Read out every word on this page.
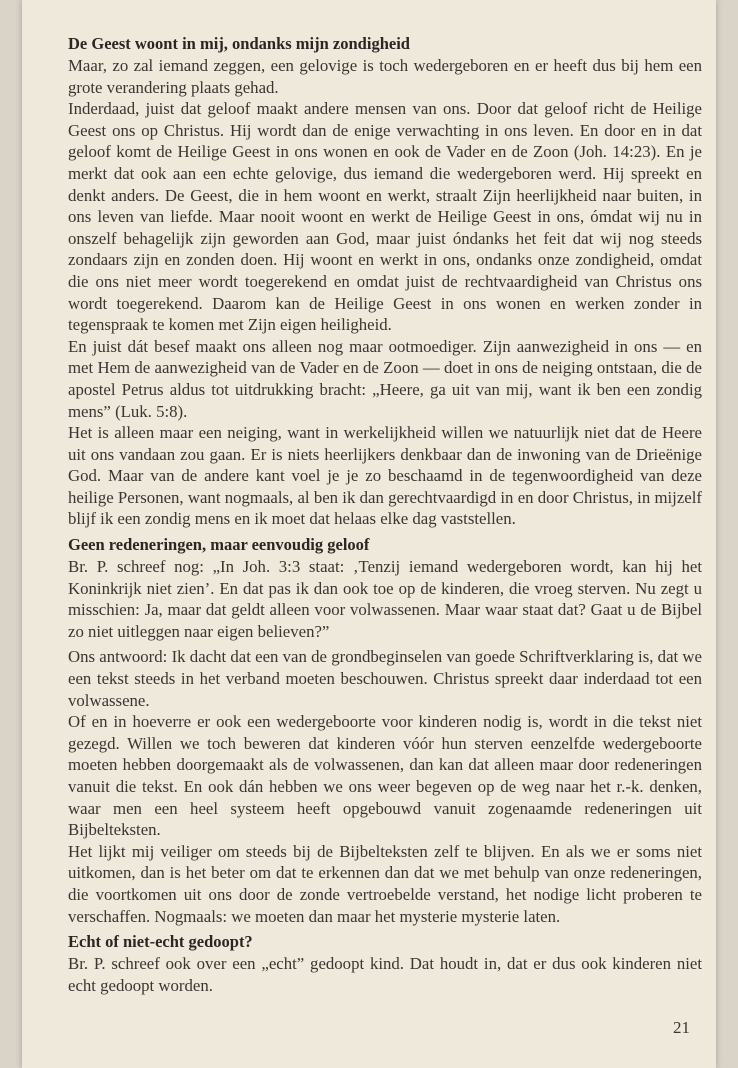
De Geest woont in mij, ondanks mijn zondigheid

Maar, zo zal iemand zeggen, een gelovige is toch wedergeboren en er heeft dus bij hem een grote verandering plaats gehad.

Inderdaad, juist dat geloof maakt andere mensen van ons. Door dat geloof richt de Heilige Geest ons op Christus. Hij wordt dan de enige verwachting in ons leven. En door en in dat geloof komt de Heilige Geest in ons wonen en ook de Vader en de Zoon (Joh. 14:23). En je merkt dat ook aan een echte gelovige, dus iemand die wedergeboren werd. Hij spreekt en denkt anders. De Geest, die in hem woont en werkt, straalt Zijn heerlijkheid naar buiten, in ons leven van liefde. Maar nooit woont en werkt de Heilige Geest in ons, ómdat wij nu in onszelf behagelijk zijn geworden aan God, maar juist óndanks het feit dat wij nog steeds zondaars zijn en zonden doen. Hij woont en werkt in ons, ondanks onze zondigheid, omdat die ons niet meer wordt toegerekend en omdat juist de rechtvaardigheid van Christus ons wordt toegerekend. Daarom kan de Heilige Geest in ons wonen en werken zonder in tegenspraak te komen met Zijn eigen heiligheid.

En juist dát besef maakt ons alleen nog maar ootmoediger. Zijn aanwezigheid in ons — en met Hem de aanwezigheid van de Vader en de Zoon — doet in ons de neiging ontstaan, die de apostel Petrus aldus tot uitdrukking bracht: „Heere, ga uit van mij, want ik ben een zondig mens” (Luk. 5:8).

Het is alleen maar een neiging, want in werkelijkheid willen we natuurlijk niet dat de Heere uit ons vandaan zou gaan. Er is niets heerlijkers denkbaar dan de inwoning van de Drieënige God. Maar van de andere kant voel je je zo beschaamd in de tegenwoordigheid van deze heilige Personen, want nogmaals, al ben ik dan gerechtvaardigd in en door Christus, in mijzelf blijf ik een zondig mens en ik moet dat helaas elke dag vaststellen.

Geen redeneringen, maar eenvoudig geloof

Br. P. schreef nog: „In Joh. 3:3 staat: ‚Tenzij iemand wedergeboren wordt, kan hij het Koninkrijk niet zien’. En dat pas ik dan ook toe op de kinderen, die vroeg sterven. Nu zegt u misschien: Ja, maar dat geldt alleen voor volwassenen. Maar waar staat dat? Gaat u de Bijbel zo niet uitleggen naar eigen believen?”

Ons antwoord: Ik dacht dat een van de grondbeginselen van goede Schriftverklaring is, dat we een tekst steeds in het verband moeten beschouwen. Christus spreekt daar inderdaad tot een volwassene.

Of en in hoeverre er ook een wedergeboorte voor kinderen nodig is, wordt in die tekst niet gezegd. Willen we toch beweren dat kinderen vóór hun sterven eenzelfde wedergeboorte moeten hebben doorgemaakt als de volwassenen, dan kan dat alleen maar door redeneringen vanuit die tekst. En ook dán hebben we ons weer begeven op de weg naar het r.-k. denken, waar men een heel systeem heeft opgebouwd vanuit zogenaamde redeneringen uit Bijbelteksten.

Het lijkt mij veiliger om steeds bij de Bijbelteksten zelf te blijven. En als we er soms niet uitkomen, dan is het beter om dat te erkennen dan dat we met behulp van onze redeneringen, die voortkomen uit ons door de zonde vertroebelde verstand, het nodige licht proberen te verschaffen. Nogmaals: we moeten dan maar het mysterie mysterie laten.

Echt of niet-echt gedoopt?

Br. P. schreef ook over een „echt” gedoopt kind. Dat houdt in, dat er dus ook kinderen niet echt gedoopt worden.

21
